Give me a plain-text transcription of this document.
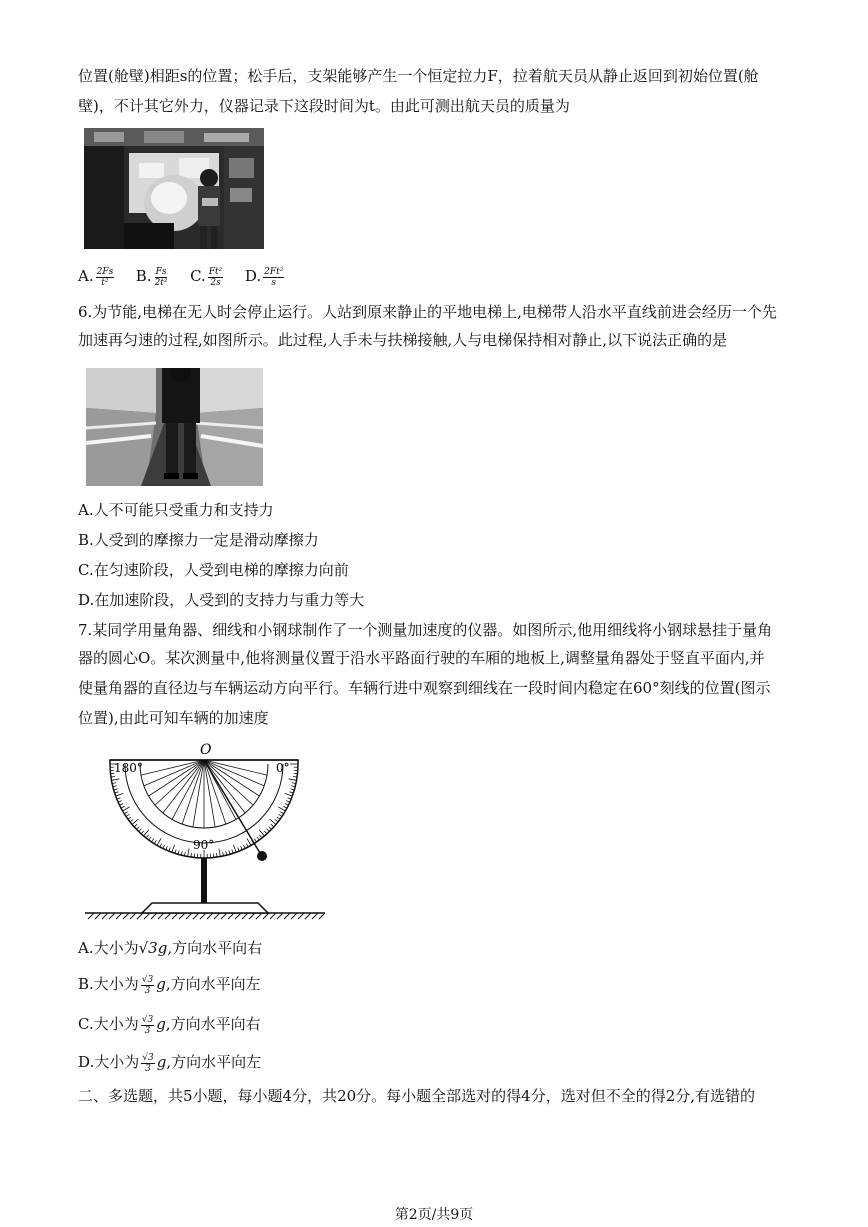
位置(舱壁)相距s的位置；松手后，支架能够产生一个恒定拉力F，拉着航天员从静止返回到初始位置(舱
壁)，不计其它外力，仪器记录下这段时间为t。由此可测出航天员的质量为
A. $\frac{2Fs}{\text{t²}} B$. $\frac{Fs}{\text{2t²}} C$. $\frac{\text{Ft²}}{2s} D$. $\frac{\text{2Ft²}}{s}$
6.为节能,电梯在无人时会停止运行。人站到原来静止的平地电梯上,电梯带人沿水平直线前进会经历一个先
加速再匀速的过程,如图所示。此过程,人手未与扶梯接触,人与电梯保持相对静止,以下说法正确的是
A.人不可能只受重力和支持力
B.人受到的摩擦力一定是滑动摩擦力
C.在匀速阶段，人受到电梯的摩擦力向前
D.在加速阶段，人受到的支持力与重力等大
7.某同学用量角器、细线和小钢球制作了一个测量加速度的仪器。如图所示,他用细线将小钢球悬挂于量角
器的圆心O。某次测量中,他将测量仪置于沿水平路面行驶的车厢的地板上,调整量角器处于竖直平面内,并
使量角器的直径边与车辆运动方向平行。车辆行进中观察到细线在一段时间内稳定在60°刻线的位置(图示
位置),由此可知车辆的加速度
O
180°	0°
90°
A.大小为√3g,方向水平向右
B.大小为 $\frac{√3}{3} g$,方向水平向左
C.大小为 $\frac{√3}{3} g$,方向水平向右
D.大小为 $\frac{√3}{3} g$,方向水平向左
二、多选题，共5小题，每小题4分，共20分。每小题全部选对的得4分，选对但不全的得2分,有选错的
第2页/共9页
